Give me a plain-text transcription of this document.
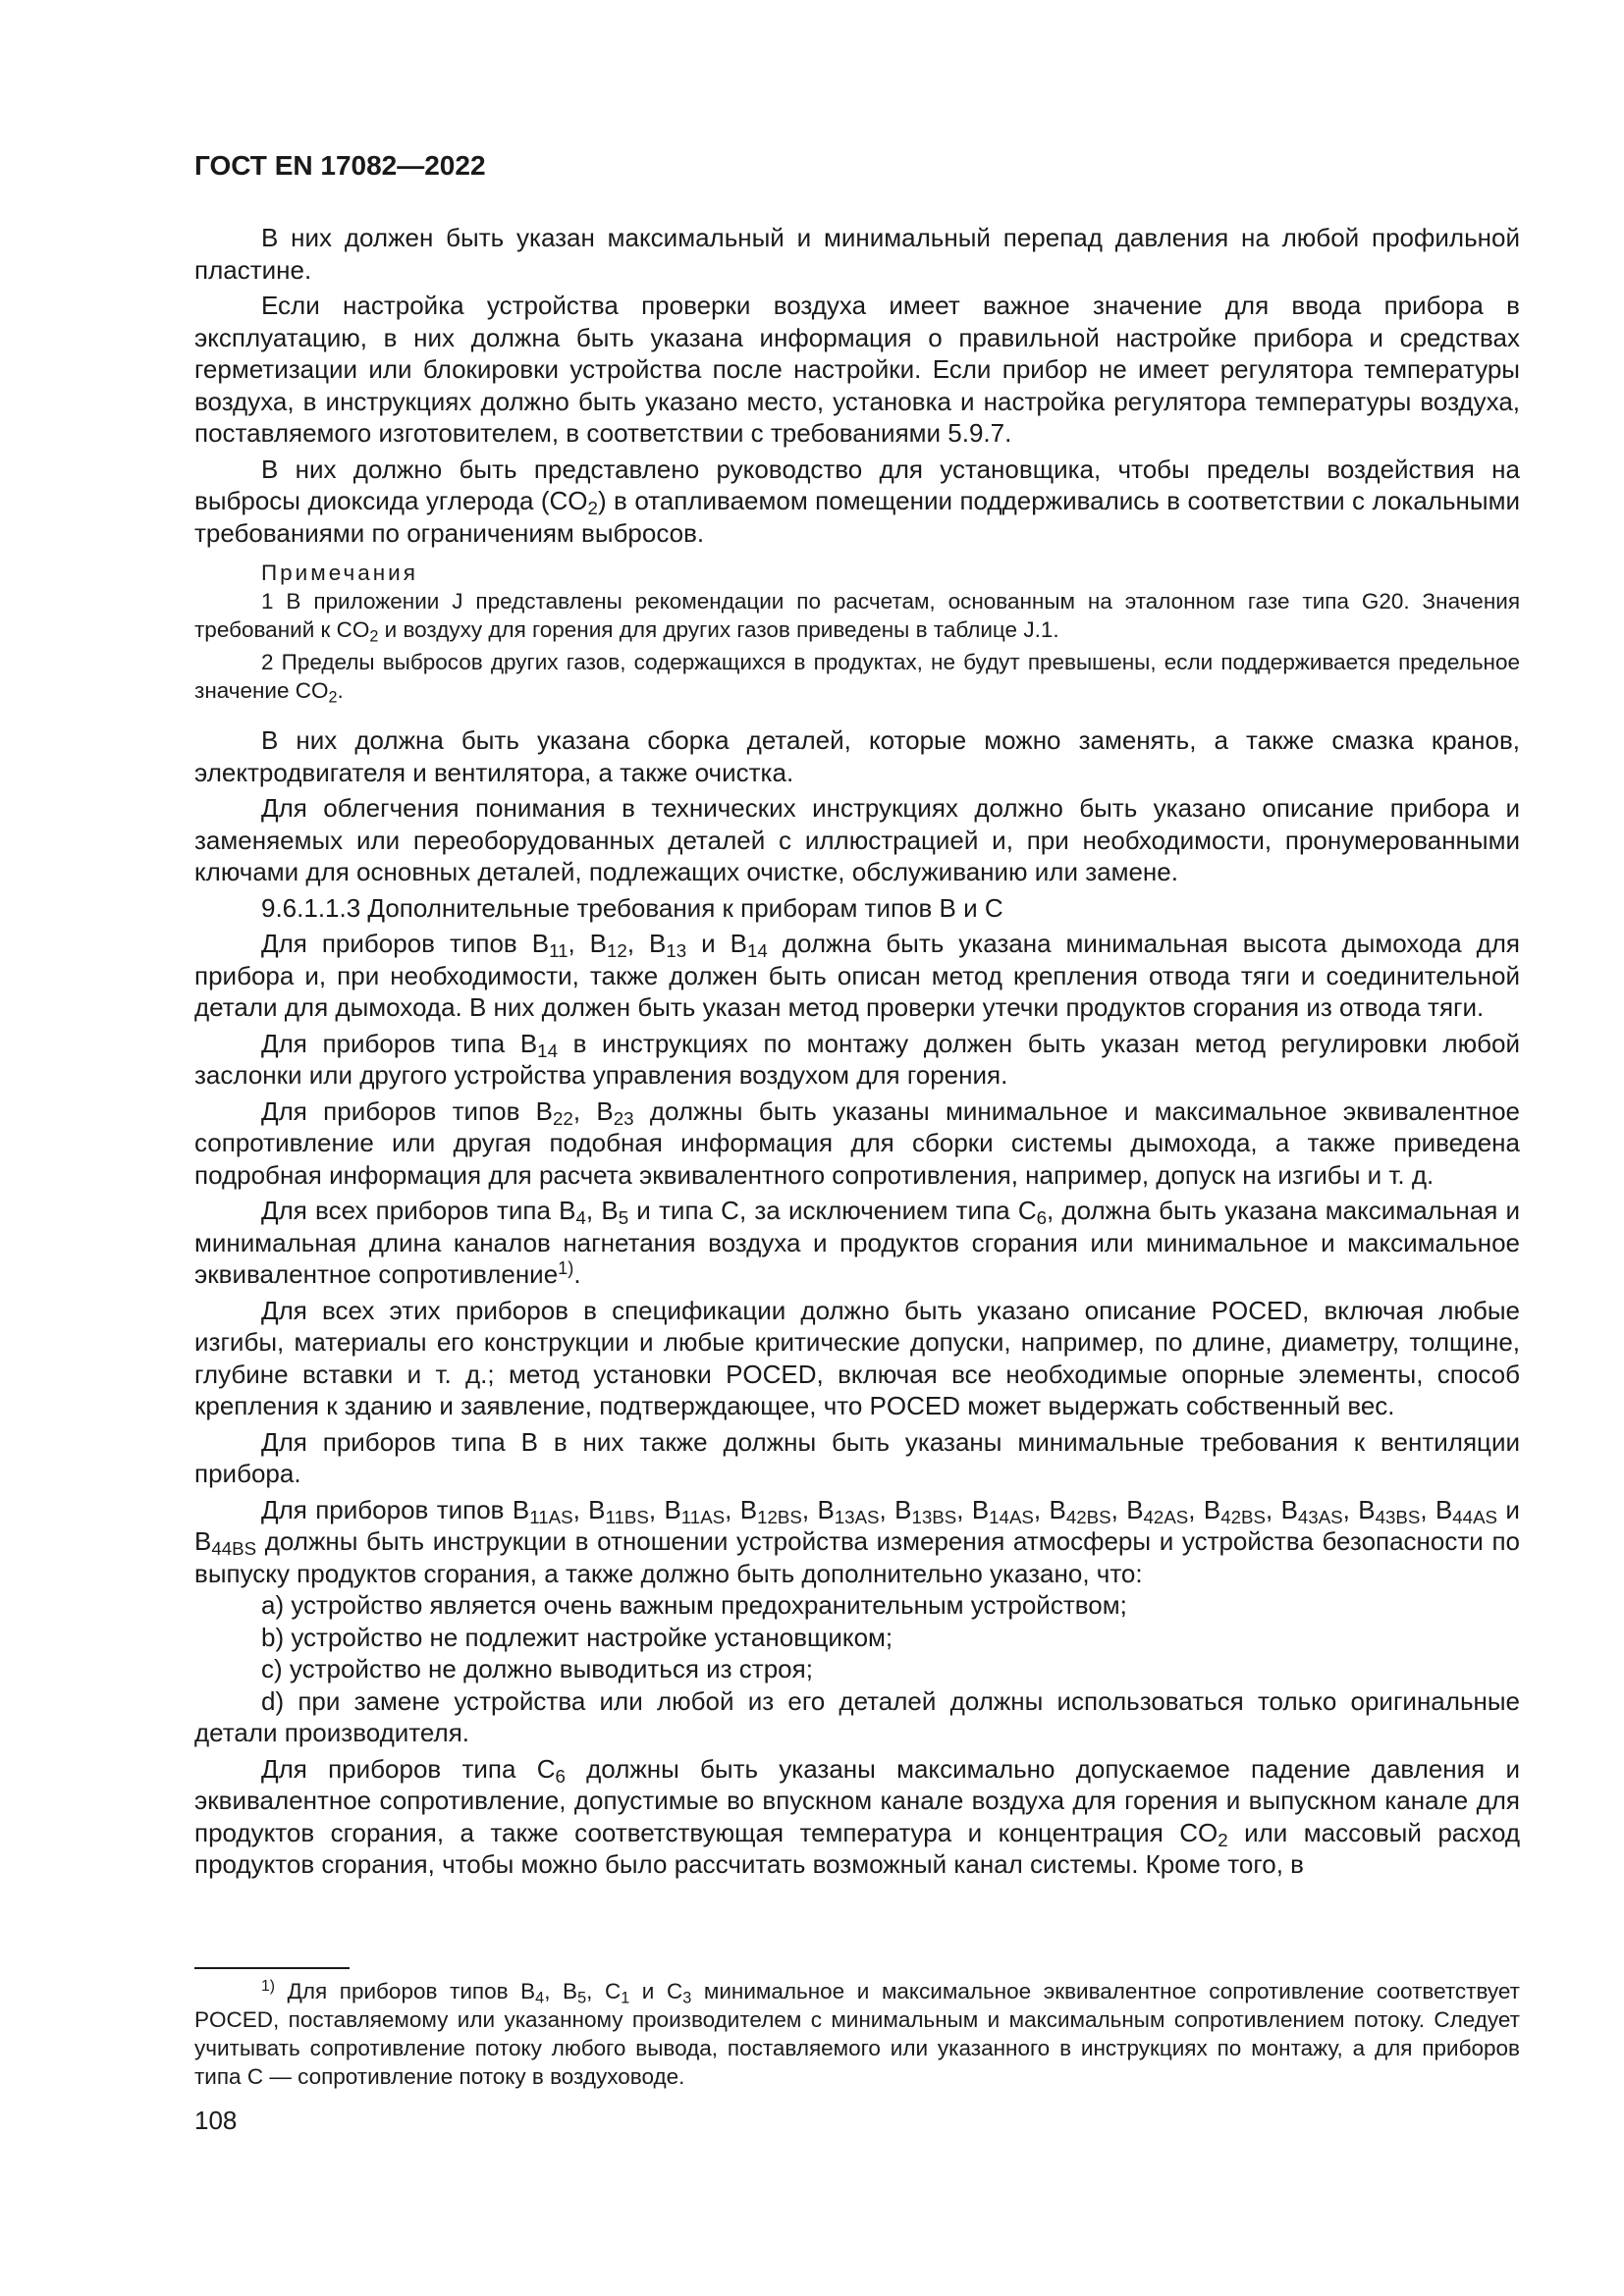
ГОСТ EN 17082—2022

В них должен быть указан максимальный и минимальный перепад давления на любой профильной пластине.

Если настройка устройства проверки воздуха имеет важное значение для ввода прибора в эксплуатацию, в них должна быть указана информация о правильной настройке прибора и средствах герметизации или блокировки устройства после настройки. Если прибор не имеет регулятора температуры воздуха, в инструкциях должно быть указано место, установка и настройка регулятора температуры воздуха, поставляемого изготовителем, в соответствии с требованиями 5.9.7.

В них должно быть представлено руководство для установщика, чтобы пределы воздействия на выбросы диоксида углерода $(CO_2)$ в отапливаемом помещении поддерживались в соответствии с локальными требованиями по ограничениям выбросов.

Примечания

1 В приложении J представлены рекомендации по расчетам, основанным на эталонном газе типа G20. Значения требований к $CO_2$ и воздуху для горения для других газов приведены в таблице J.1.

2 Пределы выбросов других газов, содержащихся в продуктах, не будут превышены, если поддерживается предельное значение $CO_2$.

В них должна быть указана сборка деталей, которые можно заменять, а также смазка кранов, электродвигателя и вентилятора, а также очистка.

Для облегчения понимания в технических инструкциях должно быть указано описание прибора и заменяемых или переоборудованных деталей с иллюстрацией и, при необходимости, пронумерованными ключами для основных деталей, подлежащих очистке, обслуживанию или замене.

9.6.1.1.3 Дополнительные требования к приборам типов B и C

Для приборов типов $B_{11}$, $B_{12}$, $B_{13}$ и $B_{14}$ должна быть указана минимальная высота дымохода для прибора и, при необходимости, также должен быть описан метод крепления отвода тяги и соединительной детали для дымохода. В них должен быть указан метод проверки утечки продуктов сгорания из отвода тяги.

Для приборов типа $B_{14}$ в инструкциях по монтажу должен быть указан метод регулировки любой заслонки или другого устройства управления воздухом для горения.

Для приборов типов $B_{22}$, $B_{23}$ должны быть указаны минимальное и максимальное эквивалентное сопротивление или другая подобная информация для сборки системы дымохода, а также приведена подробная информация для расчета эквивалентного сопротивления, например, допуск на изгибы и т. д.

Для всех приборов типа $B_4$, $B_5$ и типа C, за исключением типа $C_6$, должна быть указана максимальная и минимальная длина каналов нагнетания воздуха и продуктов сгорания или минимальное и максимальное эквивалентное сопротивление$^{1)}$.

Для всех этих приборов в спецификации должно быть указано описание POCED, включая любые изгибы, материалы его конструкции и любые критические допуски, например, по длине, диаметру, толщине, глубине вставки и т. д.; метод установки POCED, включая все необходимые опорные элементы, способ крепления к зданию и заявление, подтверждающее, что POCED может выдержать собственный вес.

Для приборов типа B в них также должны быть указаны минимальные требования к вентиляции прибора.

Для приборов типов $B_{11AS}$, $B_{11BS}$, $B_{11AS}$, $B_{12BS}$, $B_{13AS}$, $B_{13BS}$, $B_{14AS}$, $B_{42BS}$, $B_{42AS}$, $B_{42BS}$, $B_{43AS}$, $B_{43BS}$, $B_{44AS}$ и $B_{44BS}$ должны быть инструкции в отношении устройства измерения атмосферы и устройства безопасности по выпуску продуктов сгорания, а также должно быть дополнительно указано, что:

a) устройство является очень важным предохранительным устройством;

b) устройство не подлежит настройке установщиком;

c) устройство не должно выводиться из строя;

d) при замене устройства или любой из его деталей должны использоваться только оригинальные детали производителя.

Для приборов типа $C_6$ должны быть указаны максимально допускаемое падение давления и эквивалентное сопротивление, допустимые во впускном канале воздуха для горения и выпускном канале для продуктов сгорания, а также соответствующая температура и концентрация $CO_2$ или массовый расход продуктов сгорания, чтобы можно было рассчитать возможный канал системы. Кроме того, в

$^{1)}$ Для приборов типов $B_4$, $B_5$, $C_1$ и $C_3$ минимальное и максимальное эквивалентное сопротивление соответствует POCED, поставляемому или указанному производителем с минимальным и максимальным сопротивлением потоку. Следует учитывать сопротивление потоку любого вывода, поставляемого или указанного в инструкциях по монтажу, а для приборов типа C — сопротивление потоку в воздуховоде.

108
